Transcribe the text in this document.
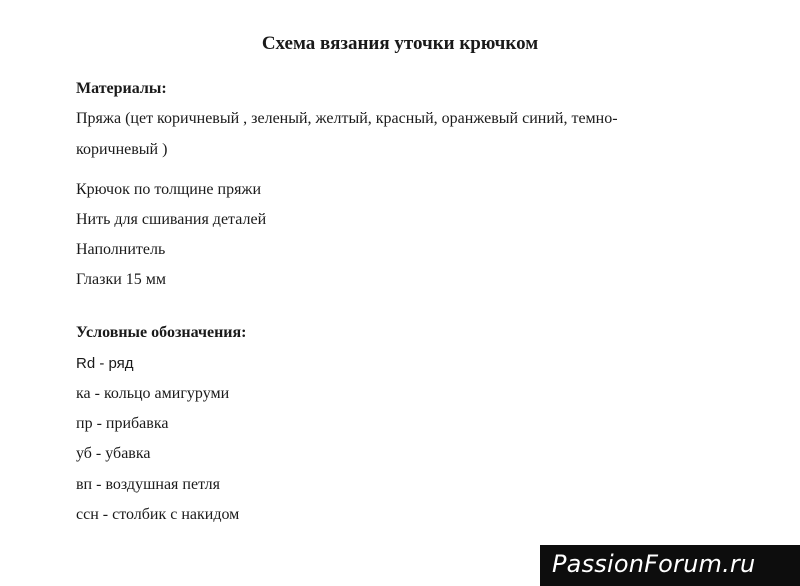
Схема вязания уточки крючком
Материалы:
Пряжа (цет коричневый , зеленый, желтый, красный, оранжевый синий, темно-
коричневый )
Крючок по толщине пряжи
Нить для сшивания деталей
Наполнитель
Глазки 15 мм
Условные обозначения:
Rd - ряд
ка - кольцо амигуруми
пр - прибавка
уб - убавка
вп - воздушная петля
ссн - столбик с накидом
PassionForum.ru
